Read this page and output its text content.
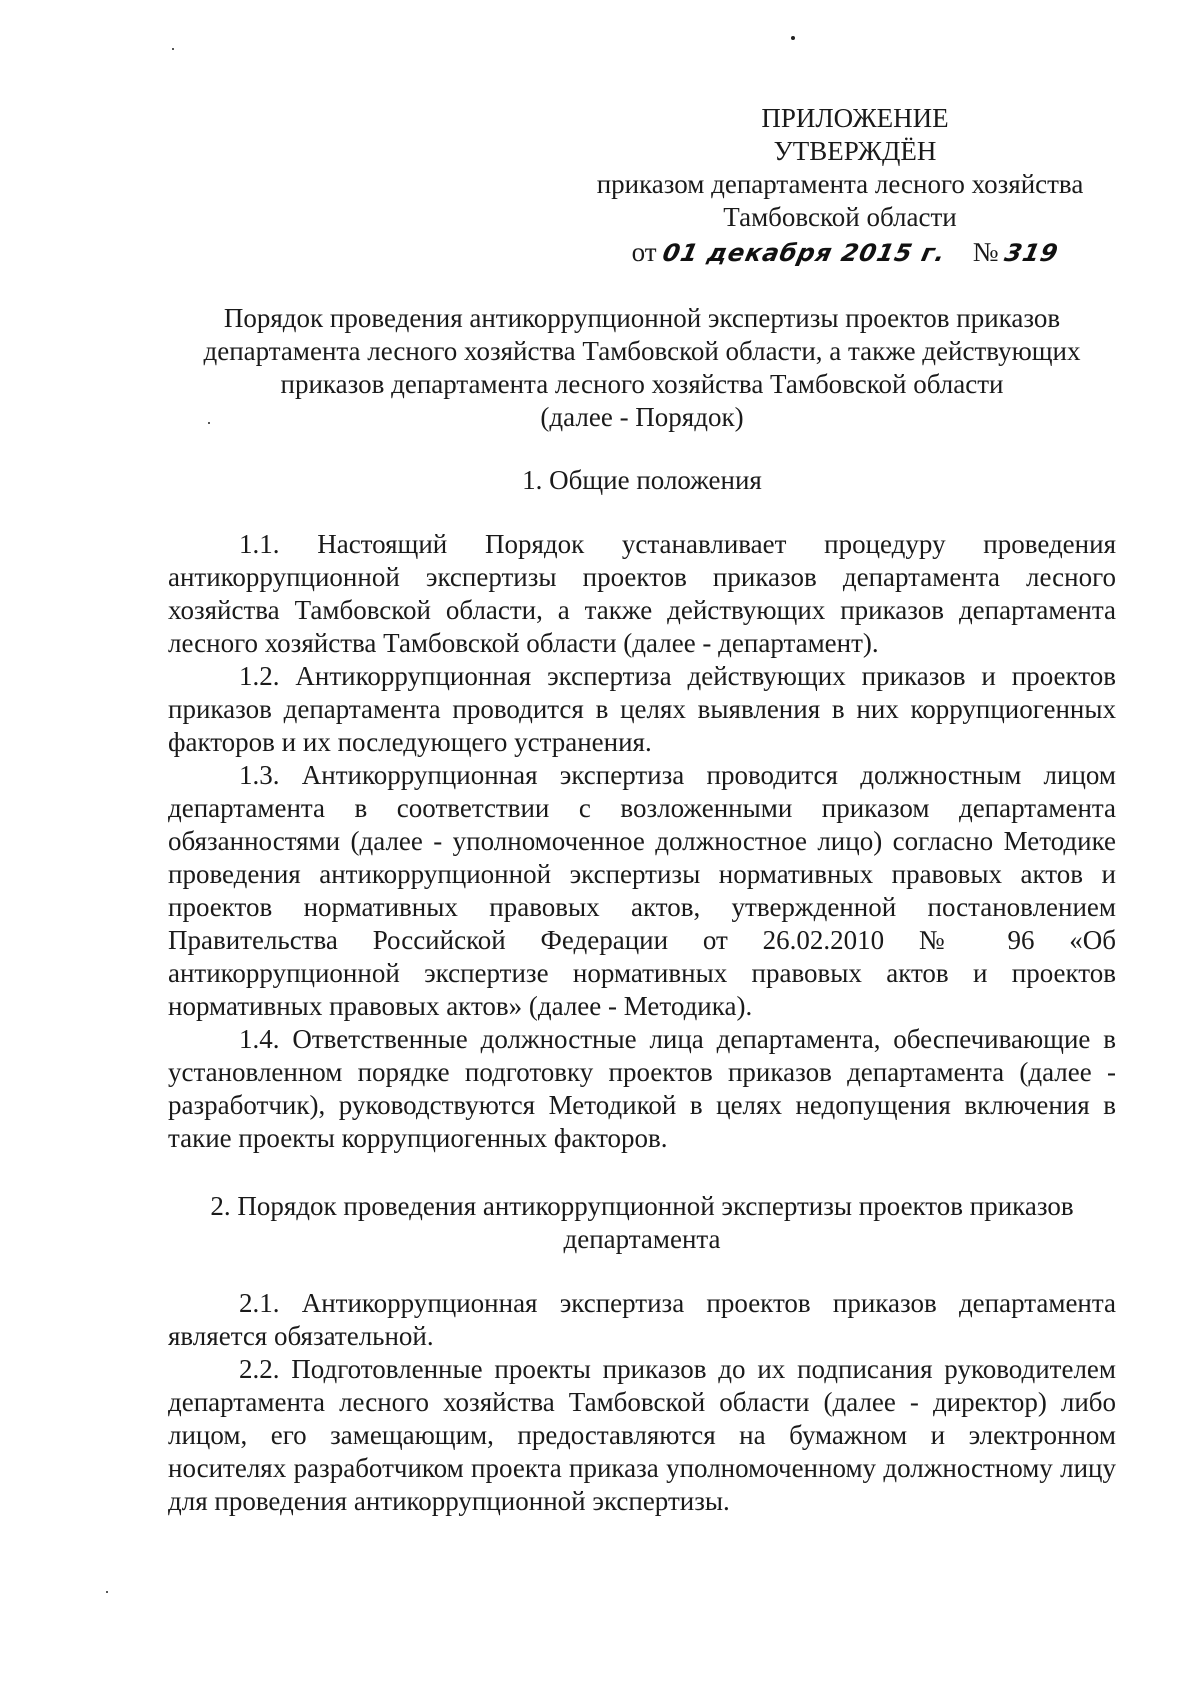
ПРИЛОЖЕНИЕ
УТВЕРЖДЁН
приказом департамента лесного хозяйства
Тамбовской области
от 01 декабря 2015 г. № 319
Порядок проведения антикоррупционной экспертизы проектов приказов
департамента лесного хозяйства Тамбовской области, а также действующих
приказов департамента лесного хозяйства Тамбовской области
(далее - Порядок)
1. Общие положения

1.1. Настоящий Порядок устанавливает процедуру проведения антикоррупционной экспертизы проектов приказов департамента лесного хозяйства Тамбовской области, а также действующих приказов департамента лесного хозяйства Тамбовской области (далее - департамент).

1.2. Антикоррупционная экспертиза действующих приказов и проектов приказов департамента проводится в целях выявления в них коррупциогенных факторов и их последующего устранения.

1.3. Антикоррупционная экспертиза проводится должностным лицом департамента в соответствии с возложенными приказом департамента обязанностями (далее - уполномоченное должностное лицо) согласно Методике проведения антикоррупционной экспертизы нормативных правовых актов и проектов нормативных правовых актов, утвержденной постановлением Правительства Российской Федерации от 26.02.2010 № 96 «Об антикоррупционной экспертизе нормативных правовых актов и проектов нормативных правовых актов» (далее - Методика).

1.4. Ответственные должностные лица департамента, обеспечивающие в установленном порядке подготовку проектов приказов департамента (далее - разработчик), руководствуются Методикой в целях недопущения включения в такие проекты коррупциогенных факторов.

2. Порядок проведения антикоррупционной экспертизы проектов приказов
департамента

2.1. Антикоррупционная экспертиза проектов приказов департамента является обязательной.

2.2. Подготовленные проекты приказов до их подписания руководителем департамента лесного хозяйства Тамбовской области (далее - директор) либо лицом, его замещающим, предоставляются на бумажном и электронном носителях разработчиком проекта приказа уполномоченному должностному лицу для проведения антикоррупционной экспертизы.
